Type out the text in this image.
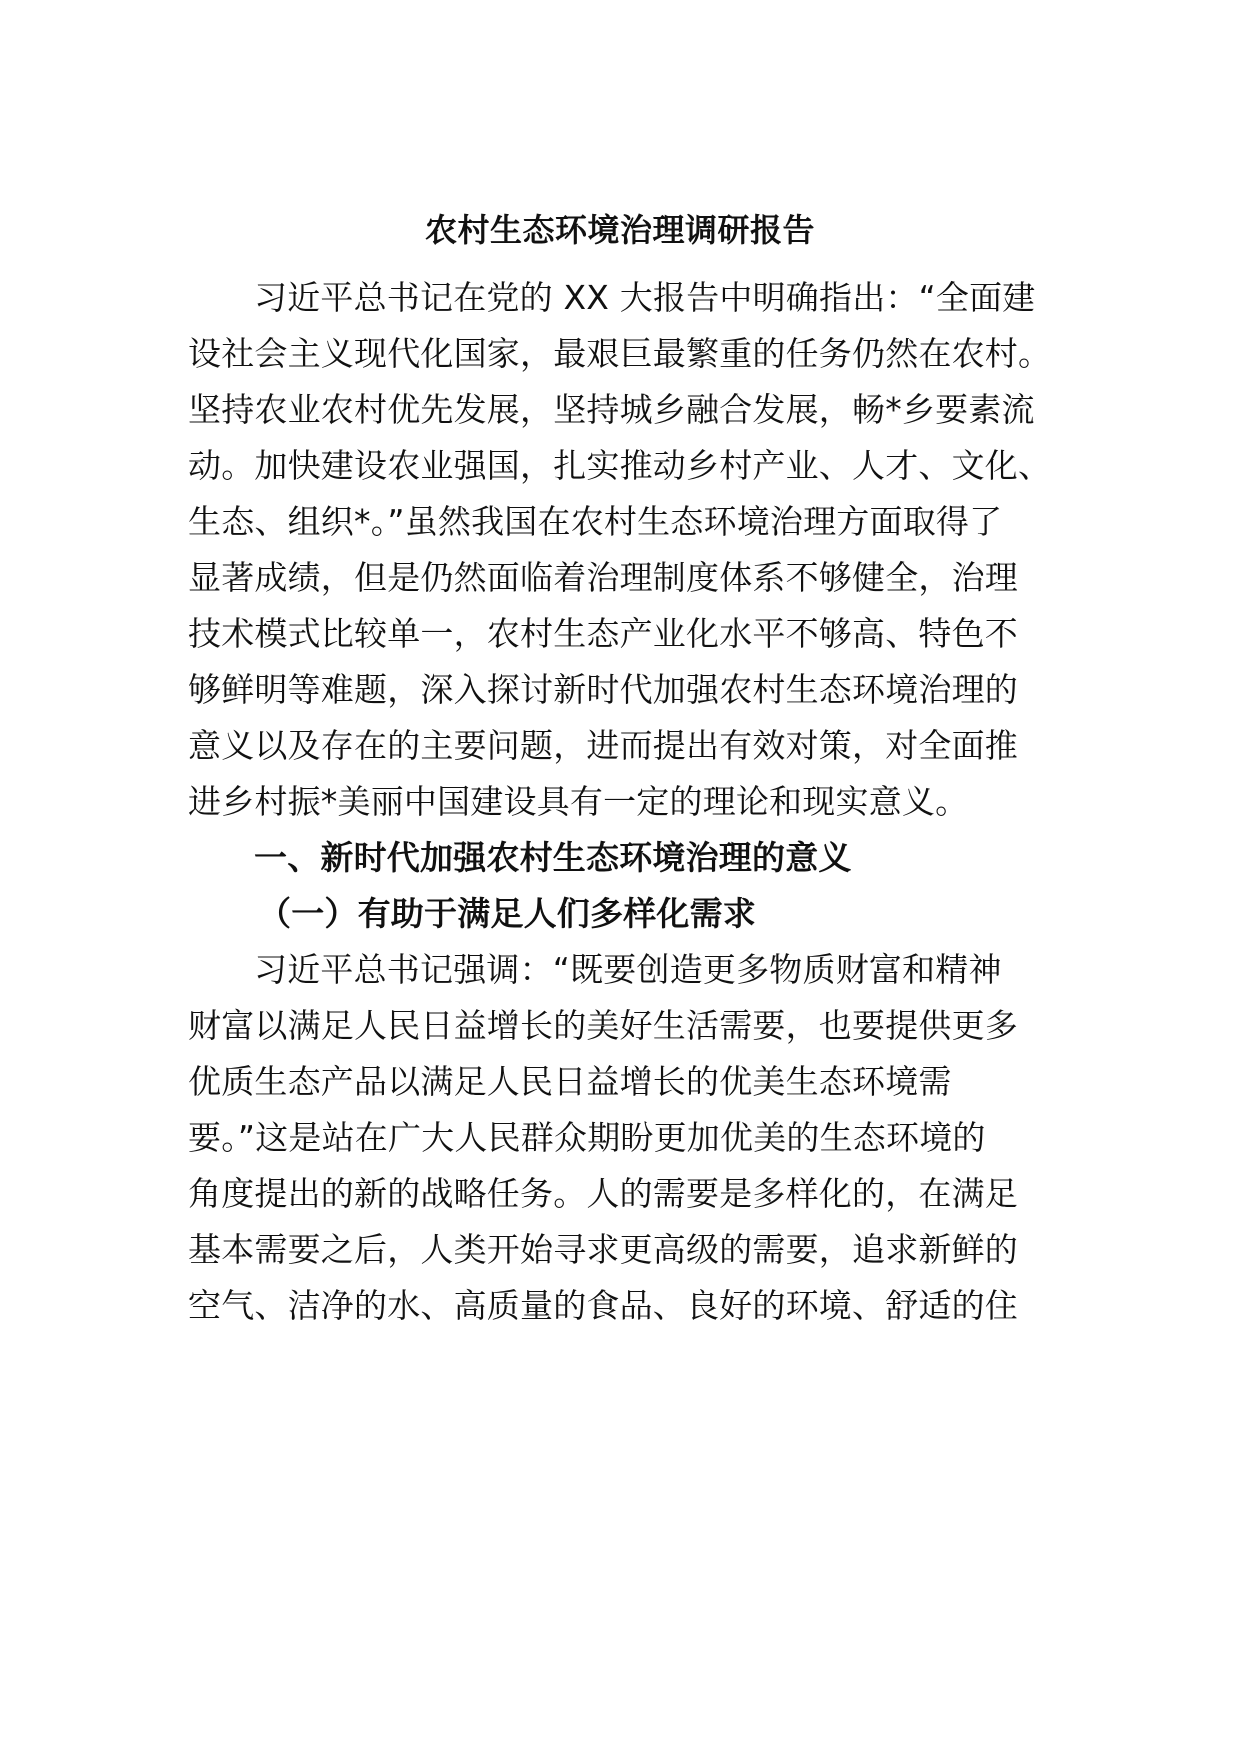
农村生态环境治理调研报告

习近平总书记在党的 XX 大报告中明确指出：“全面建

设社会主义现代化国家，最艰巨最繁重的任务仍然在农村。

坚持农业农村优先发展，坚持城乡融合发展，畅*乡要素流

动。加快建设农业强国，扎实推动乡村产业、人才、文化、

生态、组织*。”虽然我国在农村生态环境治理方面取得了

显著成绩，但是仍然面临着治理制度体系不够健全，治理

技术模式比较单一，农村生态产业化水平不够高、特色不

够鲜明等难题，深入探讨新时代加强农村生态环境治理的

意义以及存在的主要问题，进而提出有效对策，对全面推

进乡村振*美丽中国建设具有一定的理论和现实意义。

一、新时代加强农村生态环境治理的意义
（一）有助于满足人们多样化需求

习近平总书记强调：“既要创造更多物质财富和精神

财富以满足人民日益增长的美好生活需要，也要提供更多

优质生态产品以满足人民日益增长的优美生态环境需

要。”这是站在广大人民群众期盼更加优美的生态环境的

角度提出的新的战略任务。人的需要是多样化的，在满足

基本需要之后，人类开始寻求更高级的需要，追求新鲜的

空气、洁净的水、高质量的食品、良好的环境、舒适的住
